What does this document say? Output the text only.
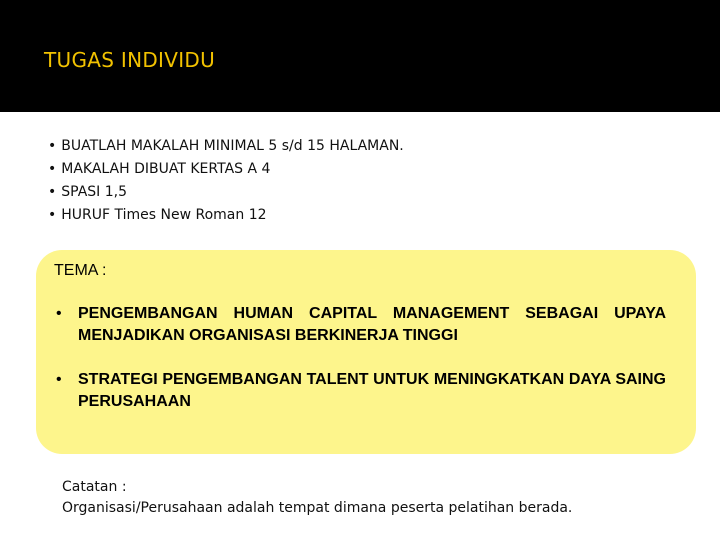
TUGAS INDIVIDU
• BUATLAH MAKALAH MINIMAL 5 s/d 15 HALAMAN.
• MAKALAH DIBUAT KERTAS A 4
• SPASI 1,5
• HURUF Times New Roman 12
TEMA :
• PENGEMBANGAN HUMAN CAPITAL MANAGEMENT SEBAGAI UPAYA MENJADIKAN ORGANISASI BERKINERJA TINGGI
• STRATEGI PENGEMBANGAN TALENT UNTUK MENINGKATKAN DAYA SAING PERUSAHAAN
Catatan :
Organisasi/Perusahaan adalah tempat dimana peserta pelatihan berada.
